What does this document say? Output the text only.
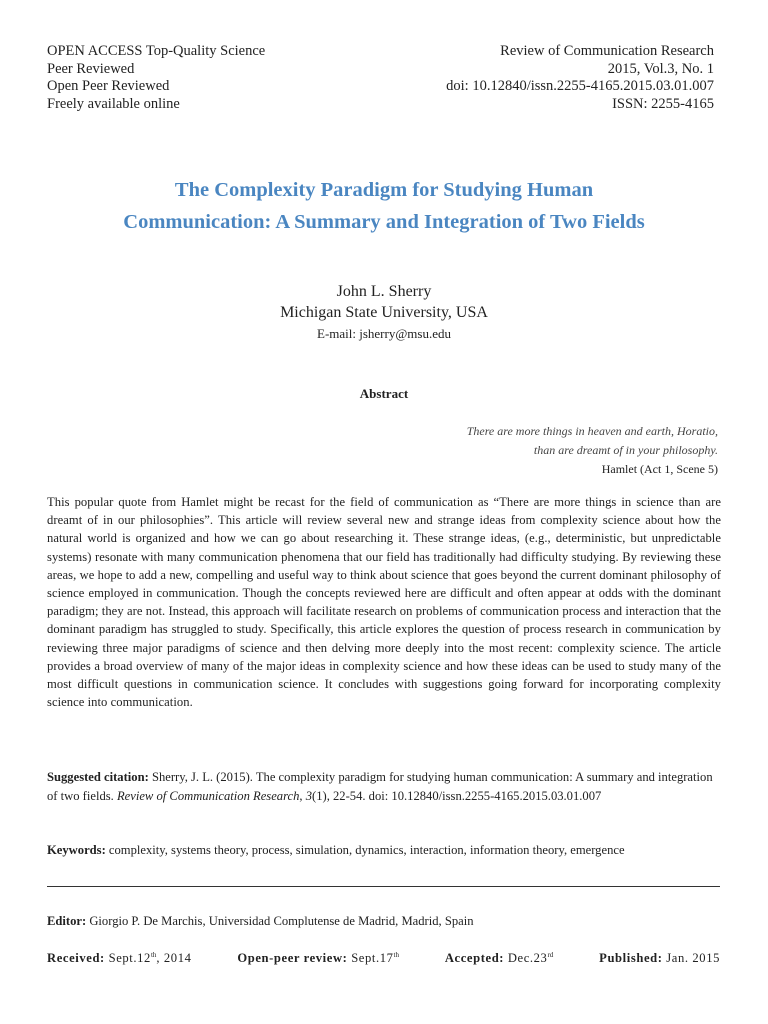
OPEN ACCESS Top-Quality Science
Peer Reviewed
Open Peer Reviewed
Freely available online
Review of Communication Research
2015, Vol.3, No. 1
doi: 10.12840/issn.2255-4165.2015.03.01.007
ISSN: 2255-4165
The Complexity Paradigm for Studying Human
Communication: A Summary and Integration of Two Fields
John L. Sherry
Michigan State University, USA
E-mail: jsherry@msu.edu
Abstract
There are more things in heaven and earth, Horatio,
than are dreamt of in your philosophy.
Hamlet (Act 1, Scene 5)
This popular quote from Hamlet might be recast for the field of communication as “There are more things in science than are dreamt of in our philosophies”. This article will review several new and strange ideas from complexity science about how the natural world is organized and how we can go about researching it. These strange ideas, (e.g., deterministic, but unpredictable systems) resonate with many communication phenomena that our field has traditionally had difficulty studying. By reviewing these areas, we hope to add a new, compelling and useful way to think about science that goes beyond the current dominant philosophy of science employed in communication. Though the concepts reviewed here are difficult and often appear at odds with the dominant paradigm; they are not. Instead, this approach will facilitate research on problems of communication process and interaction that the dominant paradigm has struggled to study. Specifically, this article explores the question of process research in communication by reviewing three major paradigms of science and then delving more deeply into the most recent: complexity science. The article provides a broad overview of many of the major ideas in complexity science and how these ideas can be used to study many of the most difficult questions in communication science. It concludes with suggestions going forward for incorporating complexity science into communication.
Suggested citation: Sherry, J. L. (2015). The complexity paradigm for studying human communication: A summary and integration of two fields. Review of Communication Research, 3(1), 22-54. doi: 10.12840/issn.2255-4165.2015.03.01.007
Keywords: complexity, systems theory, process, simulation, dynamics, interaction, information theory, emergence
Editor: Giorgio P. De Marchis, Universidad Complutense de Madrid, Madrid, Spain
Received: Sept.12th, 2014	Open-peer review: Sept.17th	Accepted: Dec.23rd	Published: Jan. 2015
